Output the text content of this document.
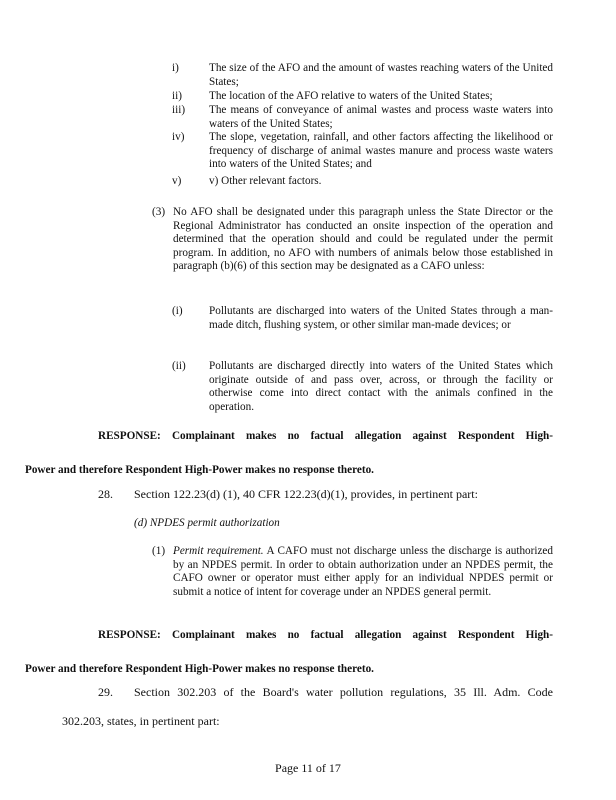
i)	The size of the AFO and the amount of wastes reaching waters of the United States;
ii) The location of the AFO relative to waters of the United States;
iii) The means of conveyance of animal wastes and process waste waters into waters of the United States;
iv) The slope, vegetation, rainfall, and other factors affecting the likelihood or frequency of discharge of animal wastes manure and process waste waters into waters of the United States; and
v) v) Other relevant factors.
(3) No AFO shall be designated under this paragraph unless the State Director or the Regional Administrator has conducted an onsite inspection of the operation and determined that the operation should and could be regulated under the permit program. In addition, no AFO with numbers of animals below those established in paragraph (b)(6) of this section may be designated as a CAFO unless:
(i) Pollutants are discharged into waters of the United States through a man-made ditch, flushing system, or other similar man-made devices; or
(ii) Pollutants are discharged directly into waters of the United States which originate outside of and pass over, across, or through the facility or otherwise come into direct contact with the animals confined in the operation.
RESPONSE: Complainant makes no factual allegation against Respondent High-
Power and therefore Respondent High-Power makes no response thereto.
28. Section 122.23(d) (1), 40 CFR 122.23(d)(1), provides, in pertinent part:
(d) NPDES permit authorization
(1) Permit requirement. A CAFO must not discharge unless the discharge is authorized by an NPDES permit. In order to obtain authorization under an NPDES permit, the CAFO owner or operator must either apply for an individual NPDES permit or submit a notice of intent for coverage under an NPDES general permit.
RESPONSE: Complainant makes no factual allegation against Respondent High-
Power and therefore Respondent High-Power makes no response thereto.
29. Section 302.203 of the Board's water pollution regulations, 35 Ill. Adm. Code
302.203, states, in pertinent part:
Page 11 of 17
